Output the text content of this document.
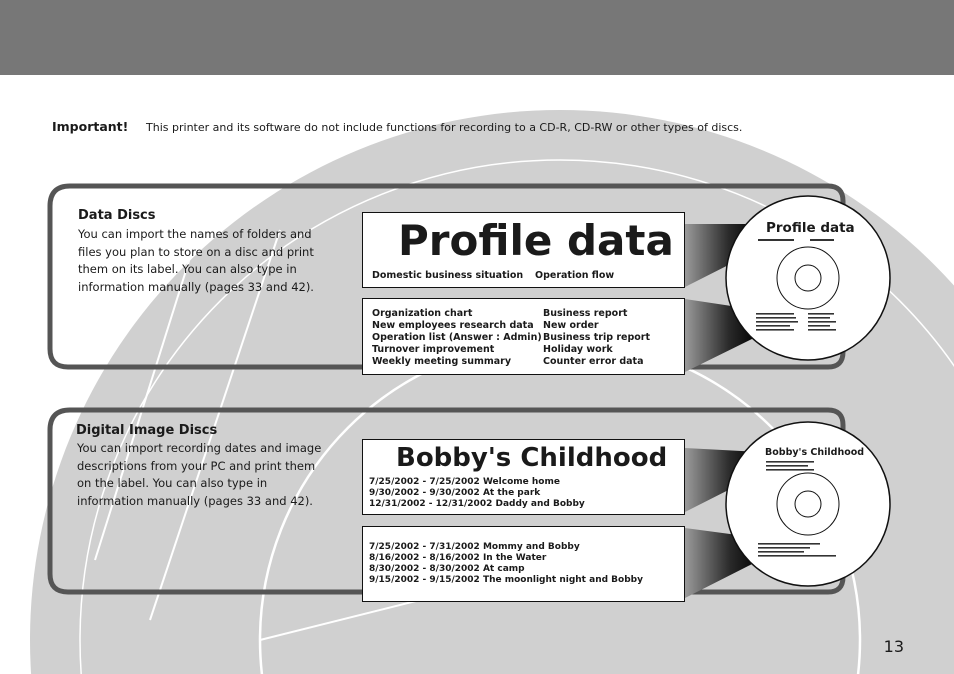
Important! This printer and its software do not include functions for recording to a CD-R, CD-RW or other types of discs.
Data Discs
You can import the names of folders and files you plan to store on a disc and print them on its label. You can also type in information manually (pages 33 and 42).
Profile data
Domestic business situation Operation flow
Organization chart
New employees research data
Operation list (Answer : Admin)
Turnover improvement
Weekly meeting summary
Business report
New order
Business trip report
Holiday work
Counter error data
Profile data
Digital Image Discs
You can import recording dates and image descriptions from your PC and print them on the label. You can also type in information manually (pages 33 and 42).
Bobby's Childhood
7/25/2002 - 7/25/2002 Welcome home
9/30/2002 - 9/30/2002 At the park
12/31/2002 - 12/31/2002 Daddy and Bobby
7/25/2002 - 7/31/2002 Mommy and Bobby
8/16/2002 - 8/16/2002 In the Water
8/30/2002 - 8/30/2002 At camp
9/15/2002 - 9/15/2002 The moonlight night and Bobby
Bobby's Childhood
13
